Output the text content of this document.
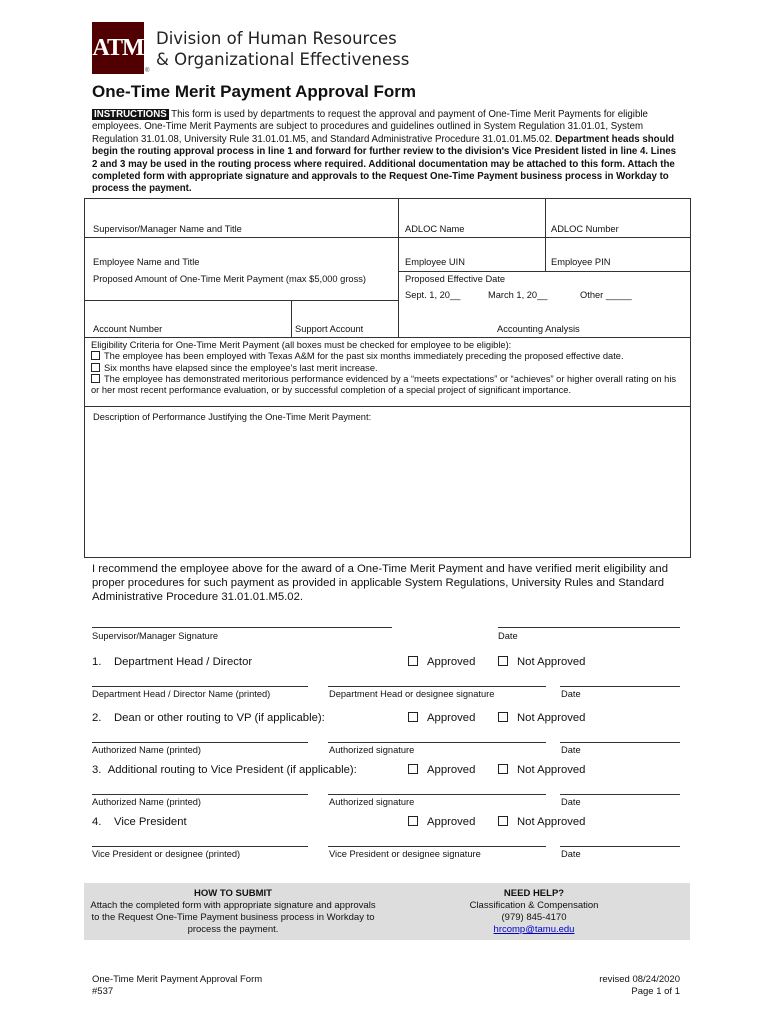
ATM
®
Division of Human Resources
& Organizational Effectiveness
One-Time Merit Payment Approval Form
INSTRUCTIONS This form is used by departments to request the approval and payment of One-Time Merit Payments for eligible employees. One-Time Merit Payments are subject to procedures and guidelines outlined in System Regulation 31.01.01, System Regulation 31.01.08, University Rule 31.01.01.M5, and Standard Administrative Procedure 31.01.01.M5.02. Department heads should begin the routing approval process in line 1 and forward for further review to the division's Vice President listed in line 4. Lines 2 and 3 may be used in the routing process where required. Additional documentation may be attached to this form. Attach the completed form with appropriate signature and approvals to the Request One-Time Payment business process in Workday to process the payment.
Supervisor/Manager Name and Title	ADLOC Name	ADLOC Number
Employee Name and Title	Employee UIN	Employee PIN
Proposed Amount of One-Time Merit Payment (max $5,000 gross)	Proposed Effective Date
Sept. 1, 20__	March 1, 20__	Other _____
Account Number	Support Account	Accounting Analysis
Eligibility Criteria for One-Time Merit Payment (all boxes must be checked for employee to be eligible):
The employee has been employed with Texas A&M for the past six months immediately preceding the proposed effective date.
Six months have elapsed since the employee's last merit increase.
The employee has demonstrated meritorious performance evidenced by a “meets expectations” or “achieves” or higher overall rating on his or her most recent performance evaluation, or by successful completion of a special project of significant importance.
Description of Performance Justifying the One-Time Merit Payment:
I recommend the employee above for the award of a One-Time Merit Payment and have verified merit eligibility and proper procedures for such payment as provided in applicable System Regulations, University Rules and Standard Administrative Procedure 31.01.01.M5.02.
Supervisor/Manager Signature	Date
1. Department Head / Director	Approved	Not Approved
Department Head / Director Name (printed)	Department Head or designee signature	Date
2. Dean or other routing to VP (if applicable):	Approved	Not Approved
Authorized Name (printed)	Authorized signature	Date
3. Additional routing to Vice President (if applicable):	Approved	Not Approved
Authorized Name (printed)	Authorized signature	Date
4. Vice President	Approved	Not Approved
Vice President or designee (printed)	Vice President or designee signature	Date
HOW TO SUBMIT
Attach the completed form with appropriate signature and approvals to the Request One-Time Payment business process in Workday to process the payment.
NEED HELP?
Classification & Compensation
(979) 845-4170
hrcomp@tamu.edu
One-Time Merit Payment Approval Form
#537
revised 08/24/2020
Page 1 of 1
